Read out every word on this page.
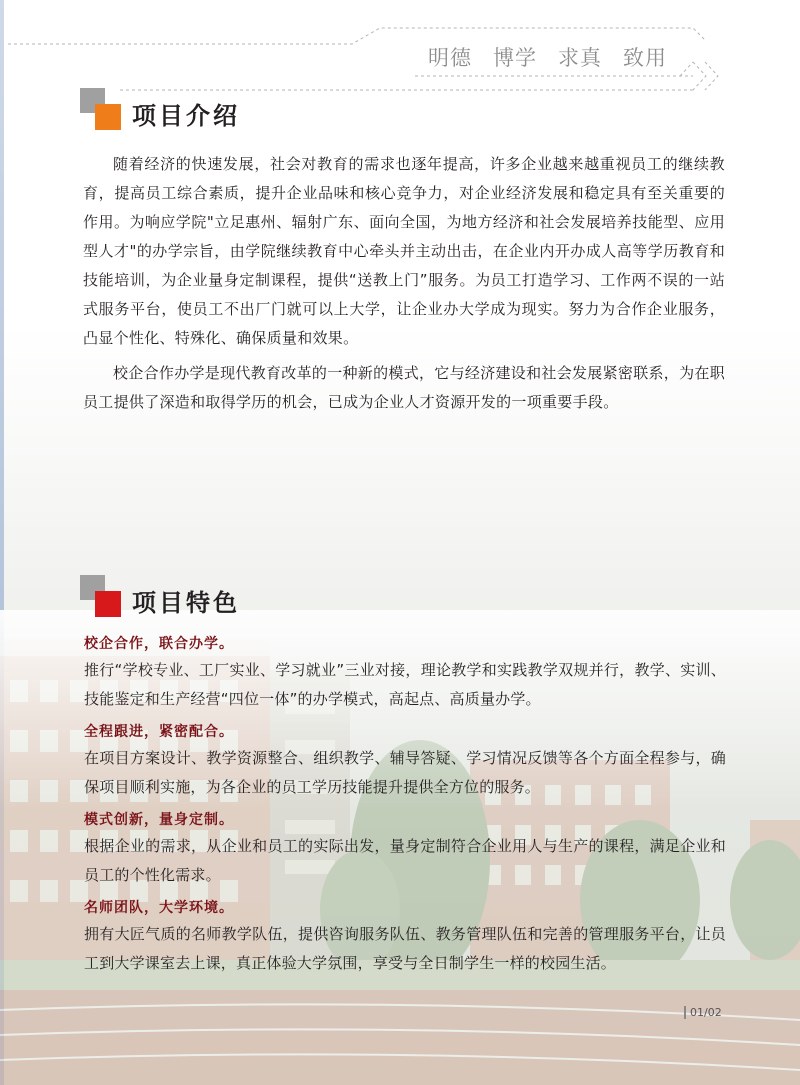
明德 博学 求真 致用
项目介绍

随着经济的快速发展，社会对教育的需求也逐年提高，许多企业越来越重视员工的继续教育，提高员工综合素质，提升企业品味和核心竞争力，对企业经济发展和稳定具有至关重要的作用。为响应学院"立足惠州、辐射广东、面向全国，为地方经济和社会发展培养技能型、应用型人才"的办学宗旨，由学院继续教育中心牵头并主动出击，在企业内开办成人高等学历教育和技能培训，为企业量身定制课程，提供“送教上门”服务。为员工打造学习、工作两不误的一站式服务平台，使员工不出厂门就可以上大学，让企业办大学成为现实。努力为合作企业服务，凸显个性化、特殊化、确保质量和效果。

校企合作办学是现代教育改革的一种新的模式，它与经济建设和社会发展紧密联系，为在职员工提供了深造和取得学历的机会，已成为企业人才资源开发的一项重要手段。

项目特色
校企合作，联合办学。
推行“学校专业、工厂实业、学习就业”三业对接，理论教学和实践教学双规并行，教学、实训、技能鉴定和生产经营“四位一体”的办学模式，高起点、高质量办学。
全程跟进，紧密配合。
在项目方案设计、教学资源整合、组织教学、辅导答疑、学习情况反馈等各个方面全程参与，确保项目顺利实施，为各企业的员工学历技能提升提供全方位的服务。
模式创新，量身定制。
根据企业的需求，从企业和员工的实际出发，量身定制符合企业用人与生产的课程，满足企业和员工的个性化需求。
名师团队，大学环境。
拥有大匠气质的名师教学队伍，提供咨询服务队伍、教务管理队伍和完善的管理服务平台，让员工到大学课室去上课，真正体验大学氛围，享受与全日制学生一样的校园生活。
01/02
